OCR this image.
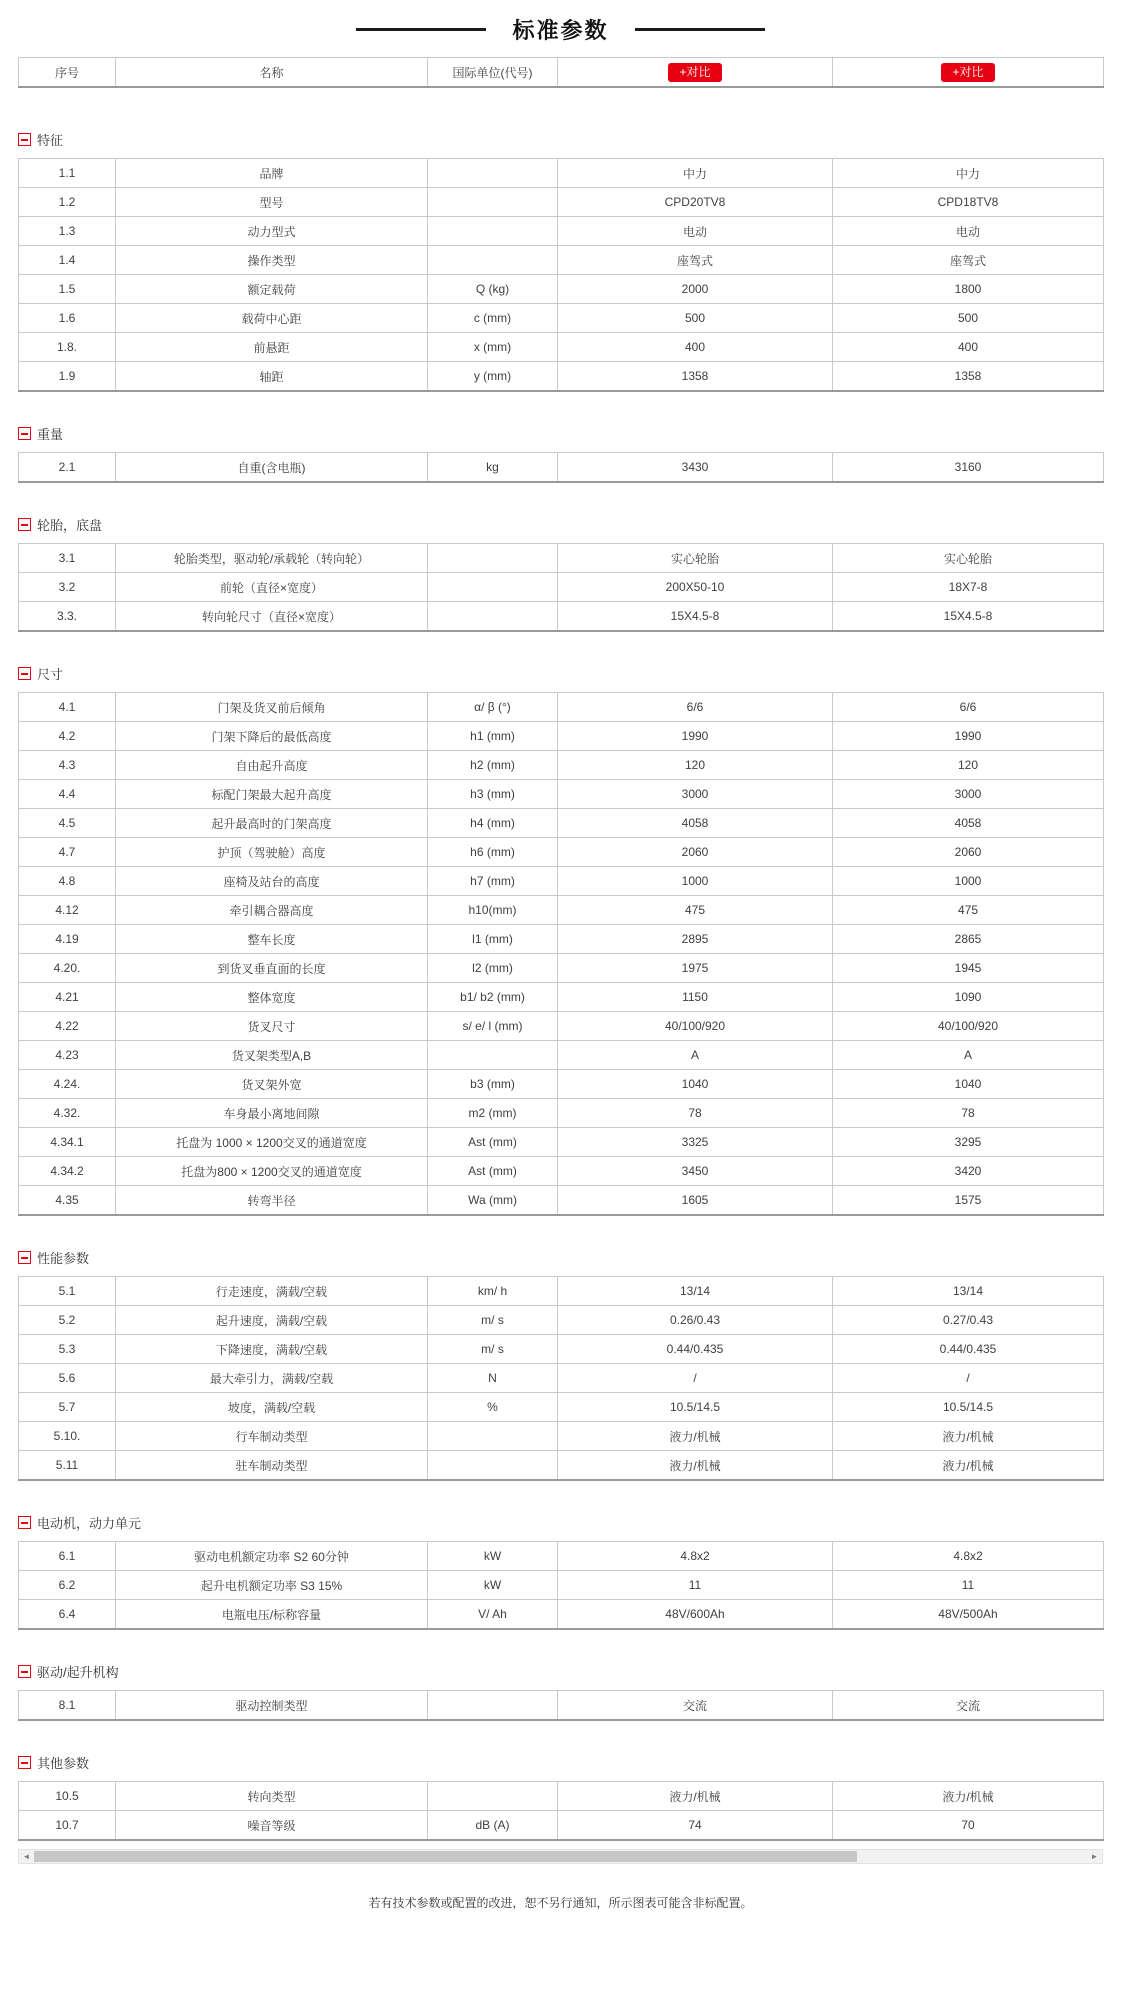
标准参数
序号	名称	国际单位(代号)	+对比	+对比
特征
1.1	品牌		中力	中力
1.2	型号		CPD20TV8	CPD18TV8
1.3	动力型式		电动	电动
1.4	操作类型		座驾式	座驾式
1.5	额定载荷	Q (kg)	2000	1800
1.6	载荷中心距	c (mm)	500	500
1.8.	前悬距	x (mm)	400	400
1.9	轴距	y (mm)	1358	1358
重量
2.1	自重(含电瓶)	kg	3430	3160
轮胎，底盘
3.1	轮胎类型，驱动轮/承载轮（转向轮）		实心轮胎	实心轮胎
3.2	前轮（直径×宽度）		200X50-10	18X7-8
3.3.	转向轮尺寸（直径×宽度）		15X4.5-8	15X4.5-8
尺寸
4.1	门架及货叉前后倾角	α/ β (°)	6/6	6/6
4.2	门架下降后的最低高度	h1 (mm)	1990	1990
4.3	自由起升高度	h2 (mm)	120	120
4.4	标配门架最大起升高度	h3 (mm)	3000	3000
4.5	起升最高时的门架高度	h4 (mm)	4058	4058
4.7	护顶（驾驶舱）高度	h6 (mm)	2060	2060
4.8	座椅及站台的高度	h7 (mm)	1000	1000
4.12	牵引耦合器高度	h10(mm)	475	475
4.19	整车长度	l1 (mm)	2895	2865
4.20.	到货叉垂直面的长度	l2 (mm)	1975	1945
4.21	整体宽度	b1/ b2 (mm)	1150	1090
4.22	货叉尺寸	s/ e/ l (mm)	40/100/920	40/100/920
4.23	货叉架类型A,B		A	A
4.24.	货叉架外宽	b3 (mm)	1040	1040
4.32.	车身最小离地间隙	m2 (mm)	78	78
4.34.1	托盘为 1000 × 1200交叉的通道宽度	Ast (mm)	3325	3295
4.34.2	托盘为800 × 1200交叉的通道宽度	Ast (mm)	3450	3420
4.35	转弯半径	Wa (mm)	1605	1575
性能参数
5.1	行走速度，满载/空载	km/ h	13/14	13/14
5.2	起升速度，满载/空载	m/ s	0.26/0.43	0.27/0.43
5.3	下降速度，满载/空载	m/ s	0.44/0.435	0.44/0.435
5.6	最大牵引力，满载/空载	N	/	/
5.7	坡度，满载/空载	%	10.5/14.5	10.5/14.5
5.10.	行车制动类型		液力/机械	液力/机械
5.11	驻车制动类型		液力/机械	液力/机械
电动机，动力单元
6.1	驱动电机额定功率 S2 60分钟	kW	4.8x2	4.8x2
6.2	起升电机额定功率 S3 15%	kW	11	11
6.4	电瓶电压/标称容量	V/ Ah	48V/600Ah	48V/500Ah
驱动/起升机构
8.1	驱动控制类型		交流	交流
其他参数
10.5	转向类型		液力/机械	液力/机械
10.7	噪音等级	dB (A)	74	70
◄	►

若有技术参数或配置的改进，恕不另行通知，所示图表可能含非标配置。
